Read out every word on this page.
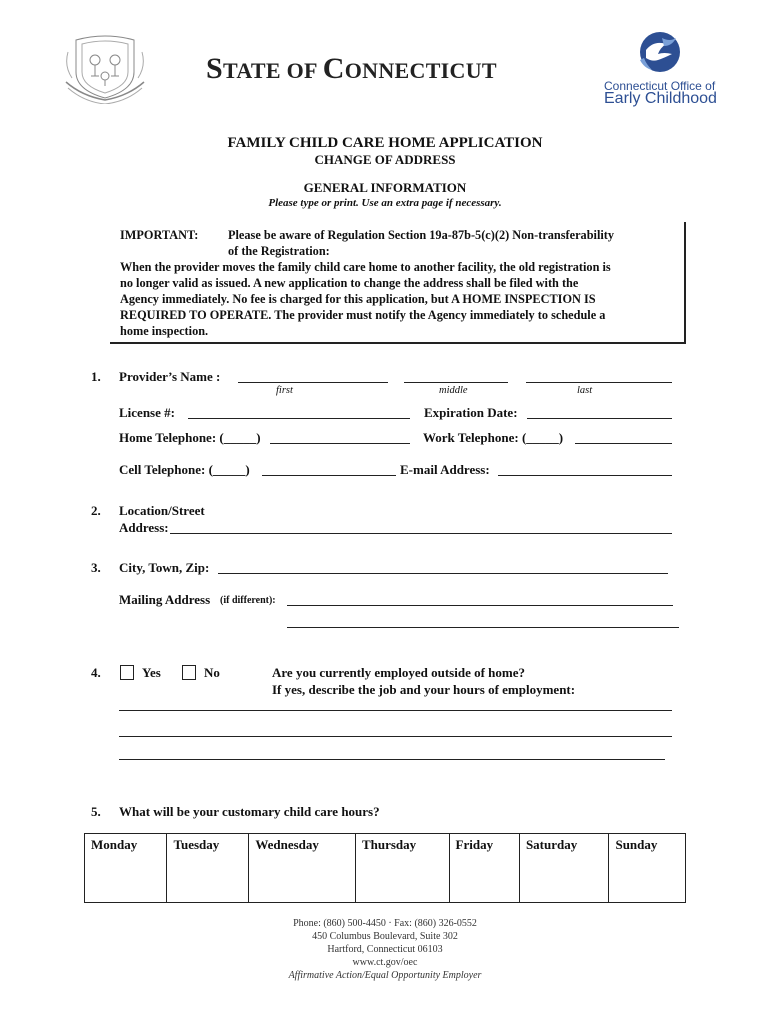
STATE OF CONNECTICUT
Connecticut Office of
Early Childhood
FAMILY CHILD CARE HOME APPLICATION
CHANGE OF ADDRESS
GENERAL INFORMATION
Please type or print. Use an extra page if necessary.
IMPORTANT: Please be aware of Regulation Section 19a-87b-5(c)(2) Non-transferability
of the Registration:
When the provider moves the family child care home to another facility, the old registration is
no longer valid as issued. A new application to change the address shall be filed with the
Agency immediately. No fee is charged for this application, but A HOME INSPECTION IS
REQUIRED TO OPERATE. The provider must notify the Agency immediately to schedule a
home inspection.
1. Provider’s Name :
first	middle	last
License #:	Expiration Date:
Home Telephone: (_____)	Work Telephone: (_____)
Cell Telephone: (_____)	E-mail Address:
2. Location/Street
Address:
3. City, Town, Zip:
Mailing Address (if different):
4.	Yes	No	Are you currently employed outside of home?
If yes, describe the job and your hours of employment:
5. What will be your customary child care hours?
Monday	Tuesday	Wednesday	Thursday	Friday	Saturday	Sunday
Phone: (860) 500-4450 · Fax: (860) 326-0552
450 Columbus Boulevard, Suite 302
Hartford, Connecticut 06103
www.ct.gov/oec
Affirmative Action/Equal Opportunity Employer
